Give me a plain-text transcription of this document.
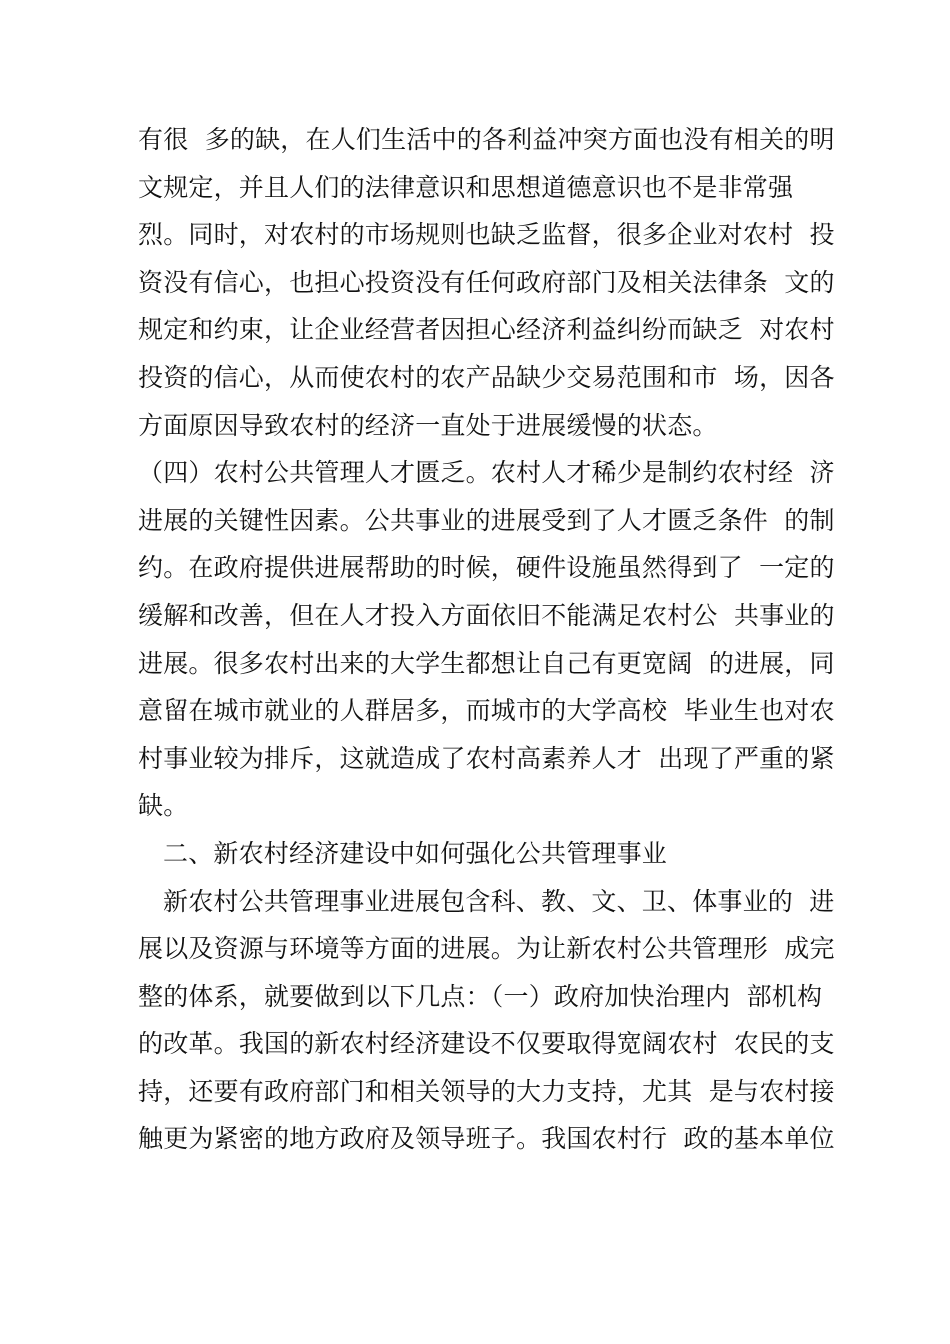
有很  多的缺，在人们生活中的各利益冲突方面也没有相关的明
文规定，并且人们的法律意识和思想道德意识也不是非常强
烈。同时，对农村的市场规则也缺乏监督，很多企业对农村  投
资没有信心，也担心投资没有任何政府部门及相关法律条  文的
规定和约束，让企业经营者因担心经济利益纠纷而缺乏  对农村
投资的信心，从而使农村的农产品缺少交易范围和市  场，因各
方面原因导致农村的经济一直处于进展缓慢的状态。
（四）农村公共管理人才匮乏。农村人才稀少是制约农村经  济
进展的关键性因素。公共事业的进展受到了人才匮乏条件  的制
约。在政府提供进展帮助的时候，硬件设施虽然得到了  一定的
缓解和改善，但在人才投入方面依旧不能满足农村公  共事业的
进展。很多农村出来的大学生都想让自己有更宽阔  的进展，同
意留在城市就业的人群居多，而城市的大学高校  毕业生也对农
村事业较为排斥，这就造成了农村高素养人才  出现了严重的紧
缺。
二、新农村经济建设中如何强化公共管理事业
新农村公共管理事业进展包含科、教、文、卫、体事业的  进
展以及资源与环境等方面的进展。为让新农村公共管理形  成完
整的体系，就要做到以下几点：（一）政府加快治理内  部机构
的改革。我国的新农村经济建设不仅要取得宽阔农村  农民的支
持，还要有政府部门和相关领导的大力支持，尤其  是与农村接
触更为紧密的地方政府及领导班子。我国农村行  政的基本单位
